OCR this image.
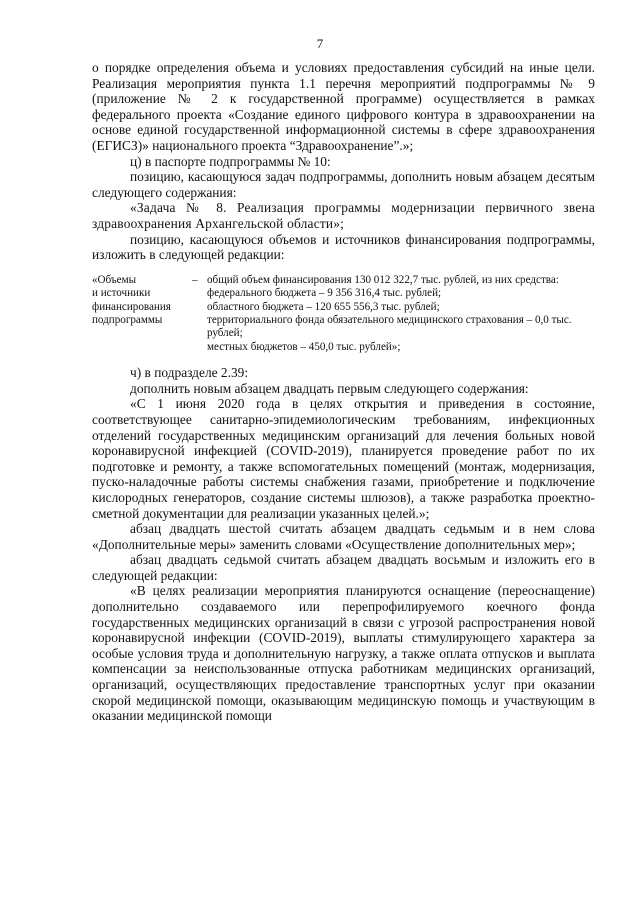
7

о порядке определения объема и условиях предоставления субсидий на иные цели. Реализация мероприятия пункта 1.1 перечня мероприятий подпрограммы № 9 (приложение № 2 к государственной программе) осуществляется в рамках федерального проекта «Создание единого цифрового контура в здравоохранении на основе единой государственной информационной системы в сфере здравоохранения (ЕГИСЗ)» национального проекта “Здравоохранение”.»;

ц) в паспорте подпрограммы № 10:

позицию, касающуюся задач подпрограммы, дополнить новым абзацем десятым следующего содержания:

«Задача № 8. Реализация программы модернизации первичного звена здравоохранения Архангельской области»;

позицию, касающуюся объемов и источников финансирования подпрограммы, изложить в следующей редакции:

«Объемы
и источники
финансирования
подпрограммы
– общий объем финансирования 130 012 322,7 тыс. рублей, из них средства:
федерального бюджета – 9 356 316,4 тыс. рублей;
областного бюджета – 120 655 556,3 тыс. рублей;
территориального фонда обязательного медицинского страхования – 0,0 тыс. рублей;
местных бюджетов – 450,0 тыс. рублей»;

ч) в подразделе 2.39:

дополнить новым абзацем двадцать первым следующего содержания:

«С 1 июня 2020 года в целях открытия и приведения в состояние, соответствующее санитарно-эпидемиологическим требованиям, инфекционных отделений государственных медицинским организаций для лечения больных новой коронавирусной инфекцией (COVID-2019), планируется проведение работ по их подготовке и ремонту, а также вспомогательных помещений (монтаж, модернизация, пуско-наладочные работы системы снабжения газами, приобретение и подключение кислородных генераторов, создание системы шлюзов), а также разработка проектно-сметной документации для реализации указанных целей.»;

абзац двадцать шестой считать абзацем двадцать седьмым и в нем слова «Дополнительные меры» заменить словами «Осуществление дополнительных мер»;

абзац двадцать седьмой считать абзацем двадцать восьмым и изложить его в следующей редакции:

«В целях реализации мероприятия планируются оснащение (переоснащение) дополнительно создаваемого или перепрофилируемого коечного фонда государственных медицинских организаций в связи с угрозой распространения новой коронавирусной инфекции (COVID-2019), выплаты стимулирующего характера за особые условия труда и дополнительную нагрузку, а также оплата отпусков и выплата компенсации за неиспользованные отпуска работникам медицинских организаций, организаций, осуществляющих предоставление транспортных услуг при оказании скорой медицинской помощи, оказывающим медицинскую помощь и участвующим в оказании медицинской помощи
